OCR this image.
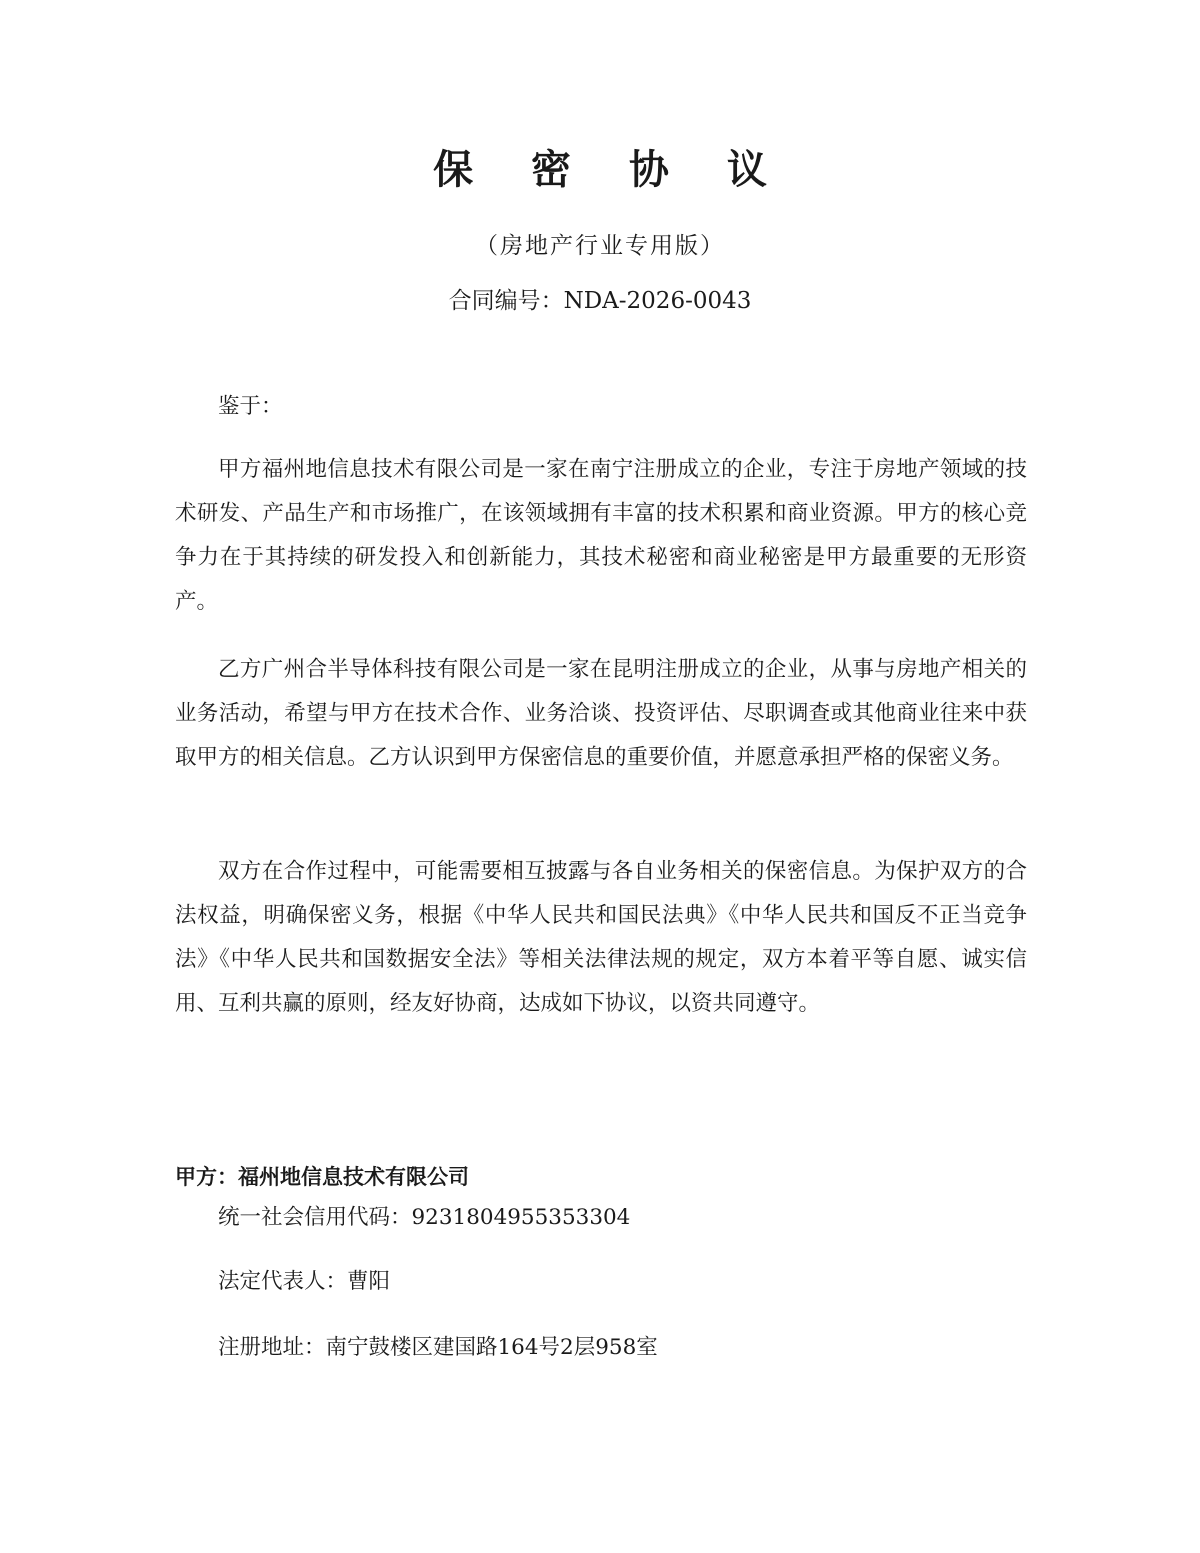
保 密 协 议
（房地产行业专用版）
合同编号：NDA-2026-0043
鉴于：

甲方福州地信息技术有限公司是一家在南宁注册成立的企业，专注于房地产领域的技术研发、产品生产和市场推广，在该领域拥有丰富的技术积累和商业资源。甲方的核心竞争力在于其持续的研发投入和创新能力，其技术秘密和商业秘密是甲方最重要的无形资产。

乙方广州合半导体科技有限公司是一家在昆明注册成立的企业，从事与房地产相关的业务活动，希望与甲方在技术合作、业务洽谈、投资评估、尽职调查或其他商业往来中获取甲方的相关信息。乙方认识到甲方保密信息的重要价值，并愿意承担严格的保密义务。

双方在合作过程中，可能需要相互披露与各自业务相关的保密信息。为保护双方的合法权益，明确保密义务，根据《中华人民共和国民法典》《中华人民共和国反不正当竞争法》《中华人民共和国数据安全法》等相关法律法规的规定，双方本着平等自愿、诚实信用、互利共赢的原则，经友好协商，达成如下协议，以资共同遵守。

甲方：福州地信息技术有限公司
统一社会信用代码：9231804955353304
法定代表人：曹阳
注册地址：南宁鼓楼区建国路164号2层958室
